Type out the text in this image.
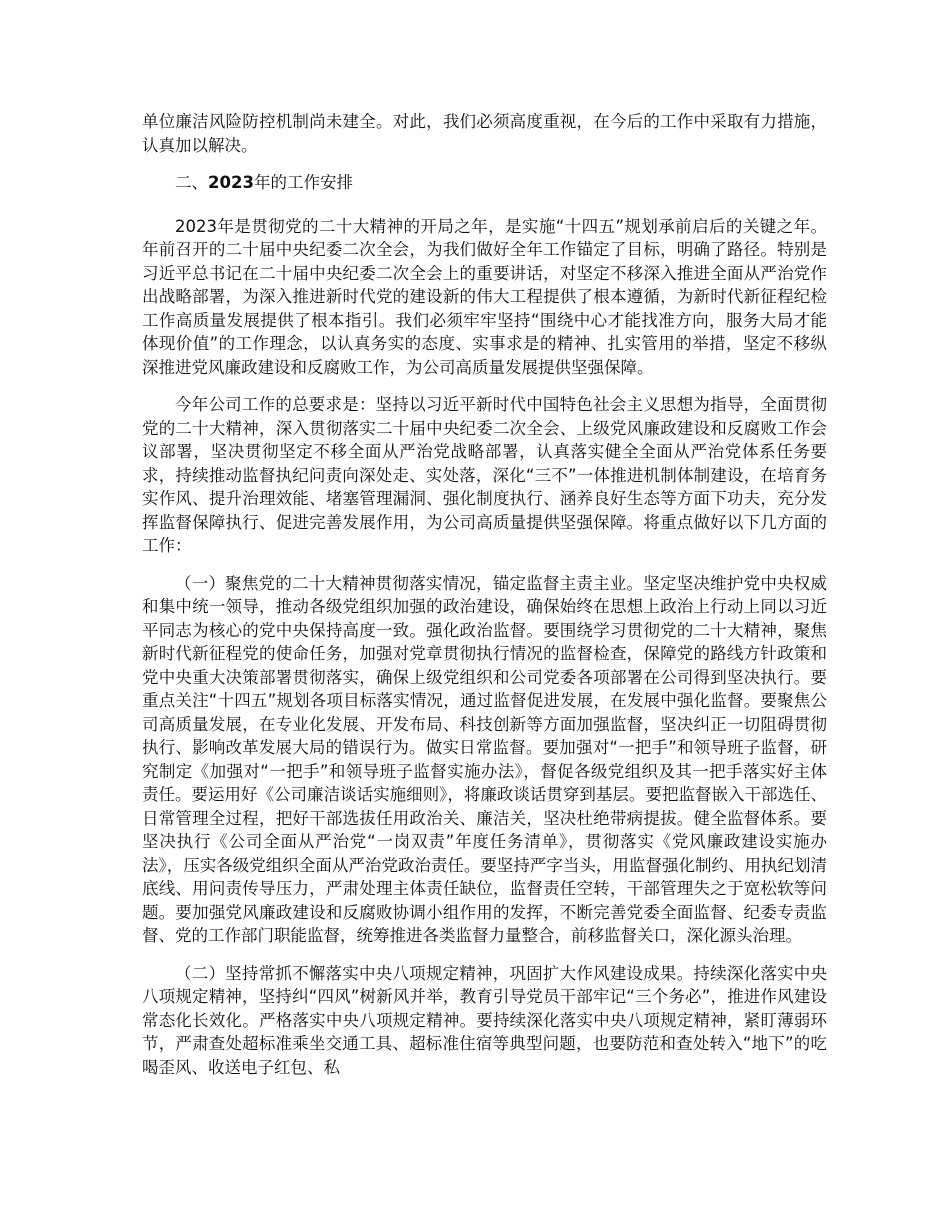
单位廉洁风险防控机制尚未建全。对此，我们必须高度重视，在今后的工作中采取有力措施，认真加以解决。

二、2023年的工作安排

2023年是贯彻党的二十大精神的开局之年，是实施“十四五”规划承前启后的关键之年。年前召开的二十届中央纪委二次全会，为我们做好全年工作锚定了目标，明确了路径。特别是习近平总书记在二十届中央纪委二次全会上的重要讲话，对坚定不移深入推进全面从严治党作出战略部署，为深入推进新时代党的建设新的伟大工程提供了根本遵循，为新时代新征程纪检工作高质量发展提供了根本指引。我们必须牢牢坚持“围绕中心才能找准方向，服务大局才能体现价值”的工作理念，以认真务实的态度、实事求是的精神、扎实管用的举措，坚定不移纵深推进党风廉政建设和反腐败工作，为公司高质量发展提供坚强保障。

今年公司工作的总要求是：坚持以习近平新时代中国特色社会主义思想为指导，全面贯彻党的二十大精神，深入贯彻落实二十届中央纪委二次全会、上级党风廉政建设和反腐败工作会议部署，坚决贯彻坚定不移全面从严治党战略部署，认真落实健全全面从严治党体系任务要求，持续推动监督执纪问责向深处走、实处落，深化“三不”一体推进机制体制建设，在培育务实作风、提升治理效能、堵塞管理漏洞、强化制度执行、涵养良好生态等方面下功夫，充分发挥监督保障执行、促进完善发展作用，为公司高质量提供坚强保障。将重点做好以下几方面的工作：

（一）聚焦党的二十大精神贯彻落实情况，锚定监督主责主业。坚定坚决维护党中央权威和集中统一领导，推动各级党组织加强的政治建设，确保始终在思想上政治上行动上同以习近平同志为核心的党中央保持高度一致。强化政治监督。要围绕学习贯彻党的二十大精神，聚焦新时代新征程党的使命任务，加强对党章贯彻执行情况的监督检查，保障党的路线方针政策和党中央重大决策部署贯彻落实，确保上级党组织和公司党委各项部署在公司得到坚决执行。要重点关注“十四五”规划各项目标落实情况，通过监督促进发展，在发展中强化监督。要聚焦公司高质量发展，在专业化发展、开发布局、科技创新等方面加强监督，坚决纠正一切阻碍贯彻执行、影响改革发展大局的错误行为。做实日常监督。要加强对“一把手”和领导班子监督，研究制定《加强对“一把手”和领导班子监督实施办法》，督促各级党组织及其一把手落实好主体责任。要运用好《公司廉洁谈话实施细则》，将廉政谈话贯穿到基层。要把监督嵌入干部选任、日常管理全过程，把好干部选拔任用政治关、廉洁关，坚决杜绝带病提拔。健全监督体系。要坚决执行《公司全面从严治党“一岗双责”年度任务清单》，贯彻落实《党风廉政建设实施办法》，压实各级党组织全面从严治党政治责任。要坚持严字当头，用监督强化制约、用执纪划清底线、用问责传导压力，严肃处理主体责任缺位，监督责任空转，干部管理失之于宽松软等问题。要加强党风廉政建设和反腐败协调小组作用的发挥，不断完善党委全面监督、纪委专责监督、党的工作部门职能监督，统筹推进各类监督力量整合，前移监督关口，深化源头治理。

（二）坚持常抓不懈落实中央八项规定精神，巩固扩大作风建设成果。持续深化落实中央八项规定精神，坚持纠“四风”树新风并举，教育引导党员干部牢记“三个务必”，推进作风建设常态化长效化。严格落实中央八项规定精神。要持续深化落实中央八项规定精神，紧盯薄弱环节，严肃查处超标准乘坐交通工具、超标准住宿等典型问题，也要防范和查处转入“地下”的吃喝歪风、收送电子红包、私
